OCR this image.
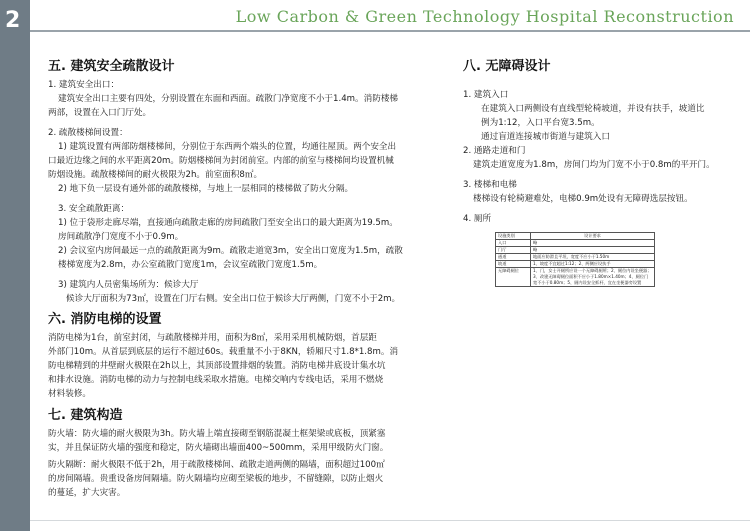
2	Low Carbon & Green Technology Hospital Reconstruction
五. 建筑安全疏散设计

1. 建筑安全出口：

建筑安全出口主要有四处，分别设置在东面和西面。疏散门净宽度不小于1.4m。消防楼梯

两部，设置在入口门厅处。

2. 疏散楼梯间设置：

1) 建筑设置有两部防烟楼梯间，分别位于东西两个端头的位置，均通往屋顶。两个安全出

口最近边缘之间的水平距离20m。防烟楼梯间为封闭前室。内部的前室与楼梯间均设置机械

防烟设施。疏散楼梯间的耐火极限为2h。前室面积8㎡。

2) 地下负一层设有通外部的疏散楼梯，与地上一层相同的楼梯做了防火分隔。

3. 安全疏散距离：

1) 位于袋形走廊尽端，直接通向疏散走廊的房间疏散门至安全出口的最大距离为19.5m。

房间疏散净门宽度不小于0.9m。

2) 会议室内房间最远一点的疏散距离为9m。疏散走道宽3m，安全出口宽度为1.5m，疏散

楼梯宽度为2.8m，办公室疏散门宽度1m，会议室疏散门宽度1.5m。

3) 建筑内人员密集场所为：候诊大厅

候诊大厅面积为73㎡，设置在门厅右侧。安全出口位于候诊大厅两侧，门宽不小于2m。

六. 消防电梯的设置

消防电梯为1台，前室封闭，与疏散楼梯并用，面积为8㎡，采用采用机械防烟，首层距

外部门10m。从首层到底层的运行不超过60s。载重量不小于8KN，轿厢尺寸1.8*1.8m。消

防电梯精到的井壁耐火极限在2h以上，其顶部设置排烟的装置。消防电梯井底设计集水坑

和排水设施。消防电梯的动力与控制电线采取水措施。电梯交响内专线电话，采用不燃烧

材料装修。

七. 建筑构造

防火墙：防火墙的耐火极限为3h。防火墙上端直接砌至钢筋混凝土框架梁或底板，顶紧塞

实，并且保证防火墙的强度和稳定，防火墙砌出墙面400~500mm，采用甲级防火门窗。

防火隔断：耐火极限不低于2h，用于疏散楼梯间、疏散走道两侧的隔墙，面积超过100㎡

的房间隔墙。贵重设备房间隔墙。防火隔墙均应砌至梁板的地步，不留缝隙，以防止烟火

的蔓延，扩大灾害。

八. 无障碍设计

1. 建筑入口

在建筑入口两侧设有直线型轮椅坡道，并设有扶手，坡道比

例为1:12，入口平台宽3.5m。

通过盲道连接城市街道与建筑入口

2. 通路走道和门

建筑走道宽度为1.8m，房间门均为门宽不小于0.8m的平开门。

3. 楼梯和电梯

楼梯设有轮椅避难处，电梯0.9m处设有无障碍选层按钮。

4. 厕所

设施类别	设计要求
入口	略
门厅	略
通道	地面应防滑且平坦，宽度不应小于1.50m
坡道	1、坡度不宜超过1:12；2、两侧应设扶手
无障碍厕位	1、门，女士开厕所应设一个无障碍厕所；2、厕位内设坐便器；3、改建无障碍厕位面积不应小于1.80m×1.40m；4、厕位门宽不小于0.80m；5、厕内设安全抓杆，宜在坐便器旁设置
